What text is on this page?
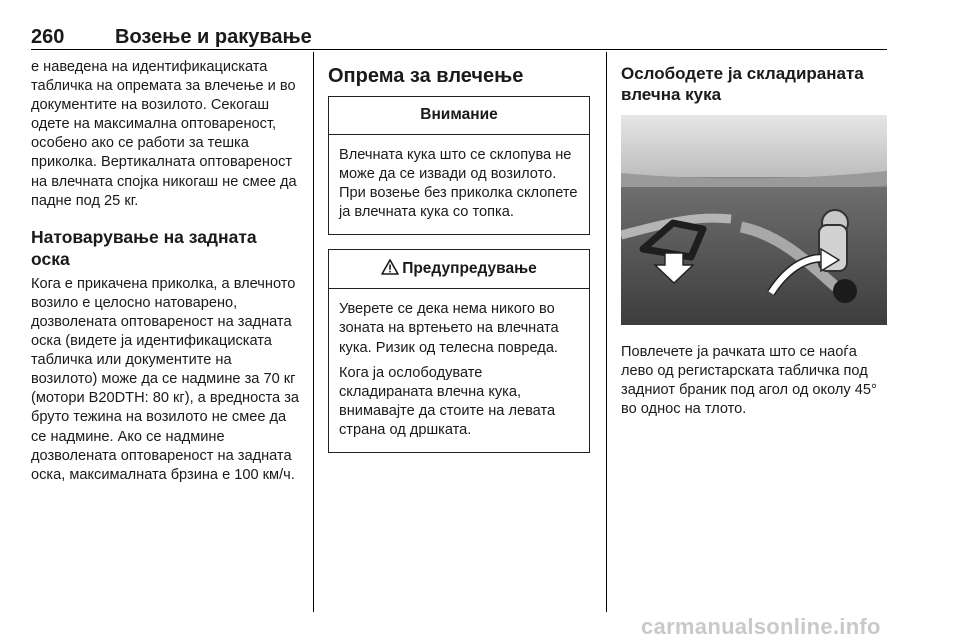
260	Возење и ракување

е наведена на идентификациската табличка на опремата за влечење и во документите на возилото. Секогаш одете на максимална оптовареност, особено ако се работи за тешка приколка. Вертикалната оптовареност на влечната спојка никогаш не смее да падне под 25 кг.

Натоварување на задната оска

Кога е прикачена приколка, а влечното возило е целосно натоварено, дозволената оптовареност на задната оска (видете ја идентификациската табличка или документите на возилото) може да се надмине за 70 кг (мотори B20DTH: 80 кг), а вредноста за бруто тежина на возилото не смее да се надмине. Ако се надмине дозволената оптовареност на задната оска, максималната брзина е 100 км/ч.

Опрема за влечење
Внимание

Влечната кука што се склопува не може да се извади од возилото. При возење без приколка склопете ја влечната кука со топка.

Предупредување

Уверете се дека нема никого во зоната на вртењето на влечната кука. Ризик од телесна повреда.

Кога ја ослободувате складираната влечна кука, внимавајте да стоите на левата страна од дршката.

Ослободете ја складираната влечна кука

Повлечете ја рачката што се наоѓа лево од регистарската табличка под задниот браник под агол од околу 45° во однос на тлото.

carmanualsonline.info
